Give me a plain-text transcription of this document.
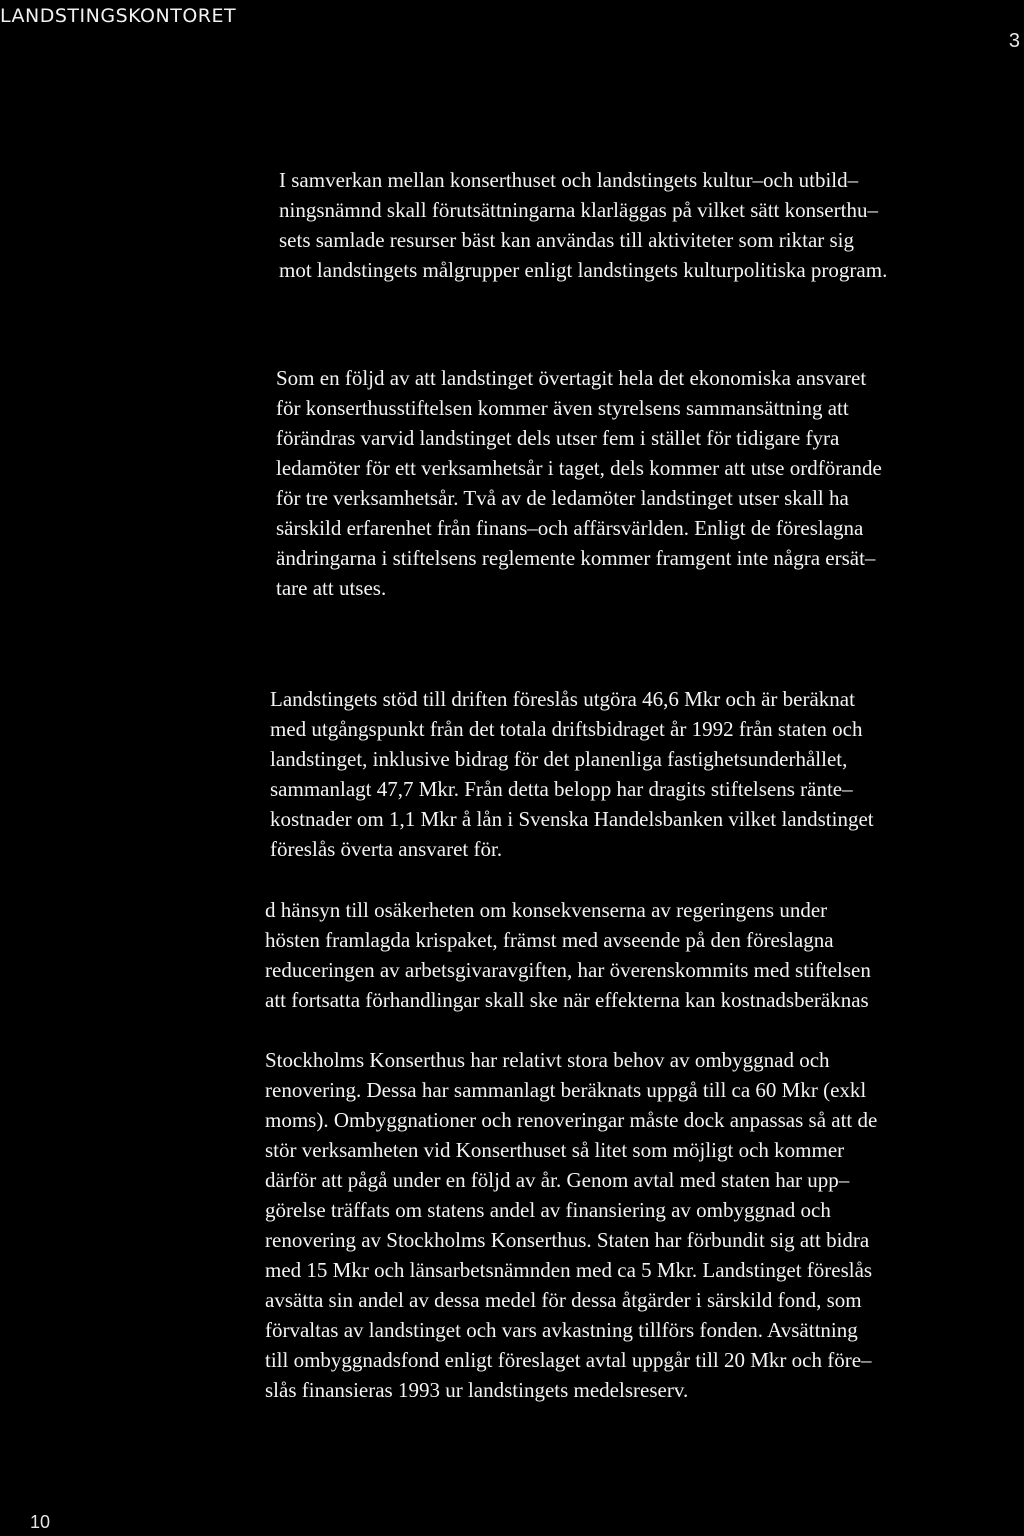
LANDSTINGSKONTORET
3
I samverkan mellan konserthuset och landstingets kultur–och utbild–
ningsnämnd skall förutsättningarna klarläggas på vilket sätt konserthu–
sets samlade resurser bäst kan användas till aktiviteter som riktar sig
mot landstingets målgrupper enligt landstingets kulturpolitiska program.
Som en följd av att landstinget övertagit hela det ekonomiska ansvaret
för konserthusstiftelsen kommer även styrelsens sammansättning att
förändras varvid landstinget dels utser fem i stället för tidigare fyra
ledamöter för ett verksamhetsår i taget, dels kommer att utse ordförande
för tre verksamhetsår. Två av de ledamöter landstinget utser skall ha
särskild erfarenhet från finans–och affärsvärlden. Enligt de föreslagna
ändringarna i stiftelsens reglemente kommer framgent inte några ersät–
tare att utses.
Landstingets stöd till driften föreslås utgöra 46,6 Mkr och är beräknat
med utgångspunkt från det totala driftsbidraget år 1992 från staten och
landstinget, inklusive bidrag för det planenliga fastighetsunderhållet,
sammanlagt 47,7 Mkr. Från detta belopp har dragits stiftelsens ränte–
kostnader om 1,1 Mkr å lån i Svenska Handelsbanken vilket landstinget
föreslås överta ansvaret för.
d hänsyn till osäkerheten om konsekvenserna av regeringens under
hösten framlagda krispaket, främst med avseende på den föreslagna
reduceringen av arbetsgivaravgiften, har överenskommits med stiftelsen
att fortsatta förhandlingar skall ske när effekterna kan kostnadsberäknas
Stockholms Konserthus har relativt stora behov av ombyggnad och
renovering. Dessa har sammanlagt beräknats uppgå till ca 60 Mkr (exkl
moms). Ombyggnationer och renoveringar måste dock anpassas så att de
stör verksamheten vid Konserthuset så litet som möjligt och kommer
därför att pågå under en följd av år. Genom avtal med staten har upp–
görelse träffats om statens andel av finansiering av ombyggnad och
renovering av Stockholms Konserthus. Staten har förbundit sig att bidra
med 15 Mkr och länsarbetsnämnden med ca 5 Mkr. Landstinget föreslås
avsätta sin andel av dessa medel för dessa åtgärder i särskild fond, som
förvaltas av landstinget och vars avkastning tillförs fonden. Avsättning
till ombyggnadsfond enligt föreslaget avtal uppgår till 20 Mkr och före–
slås finansieras 1993 ur landstingets medelsreserv.
10
